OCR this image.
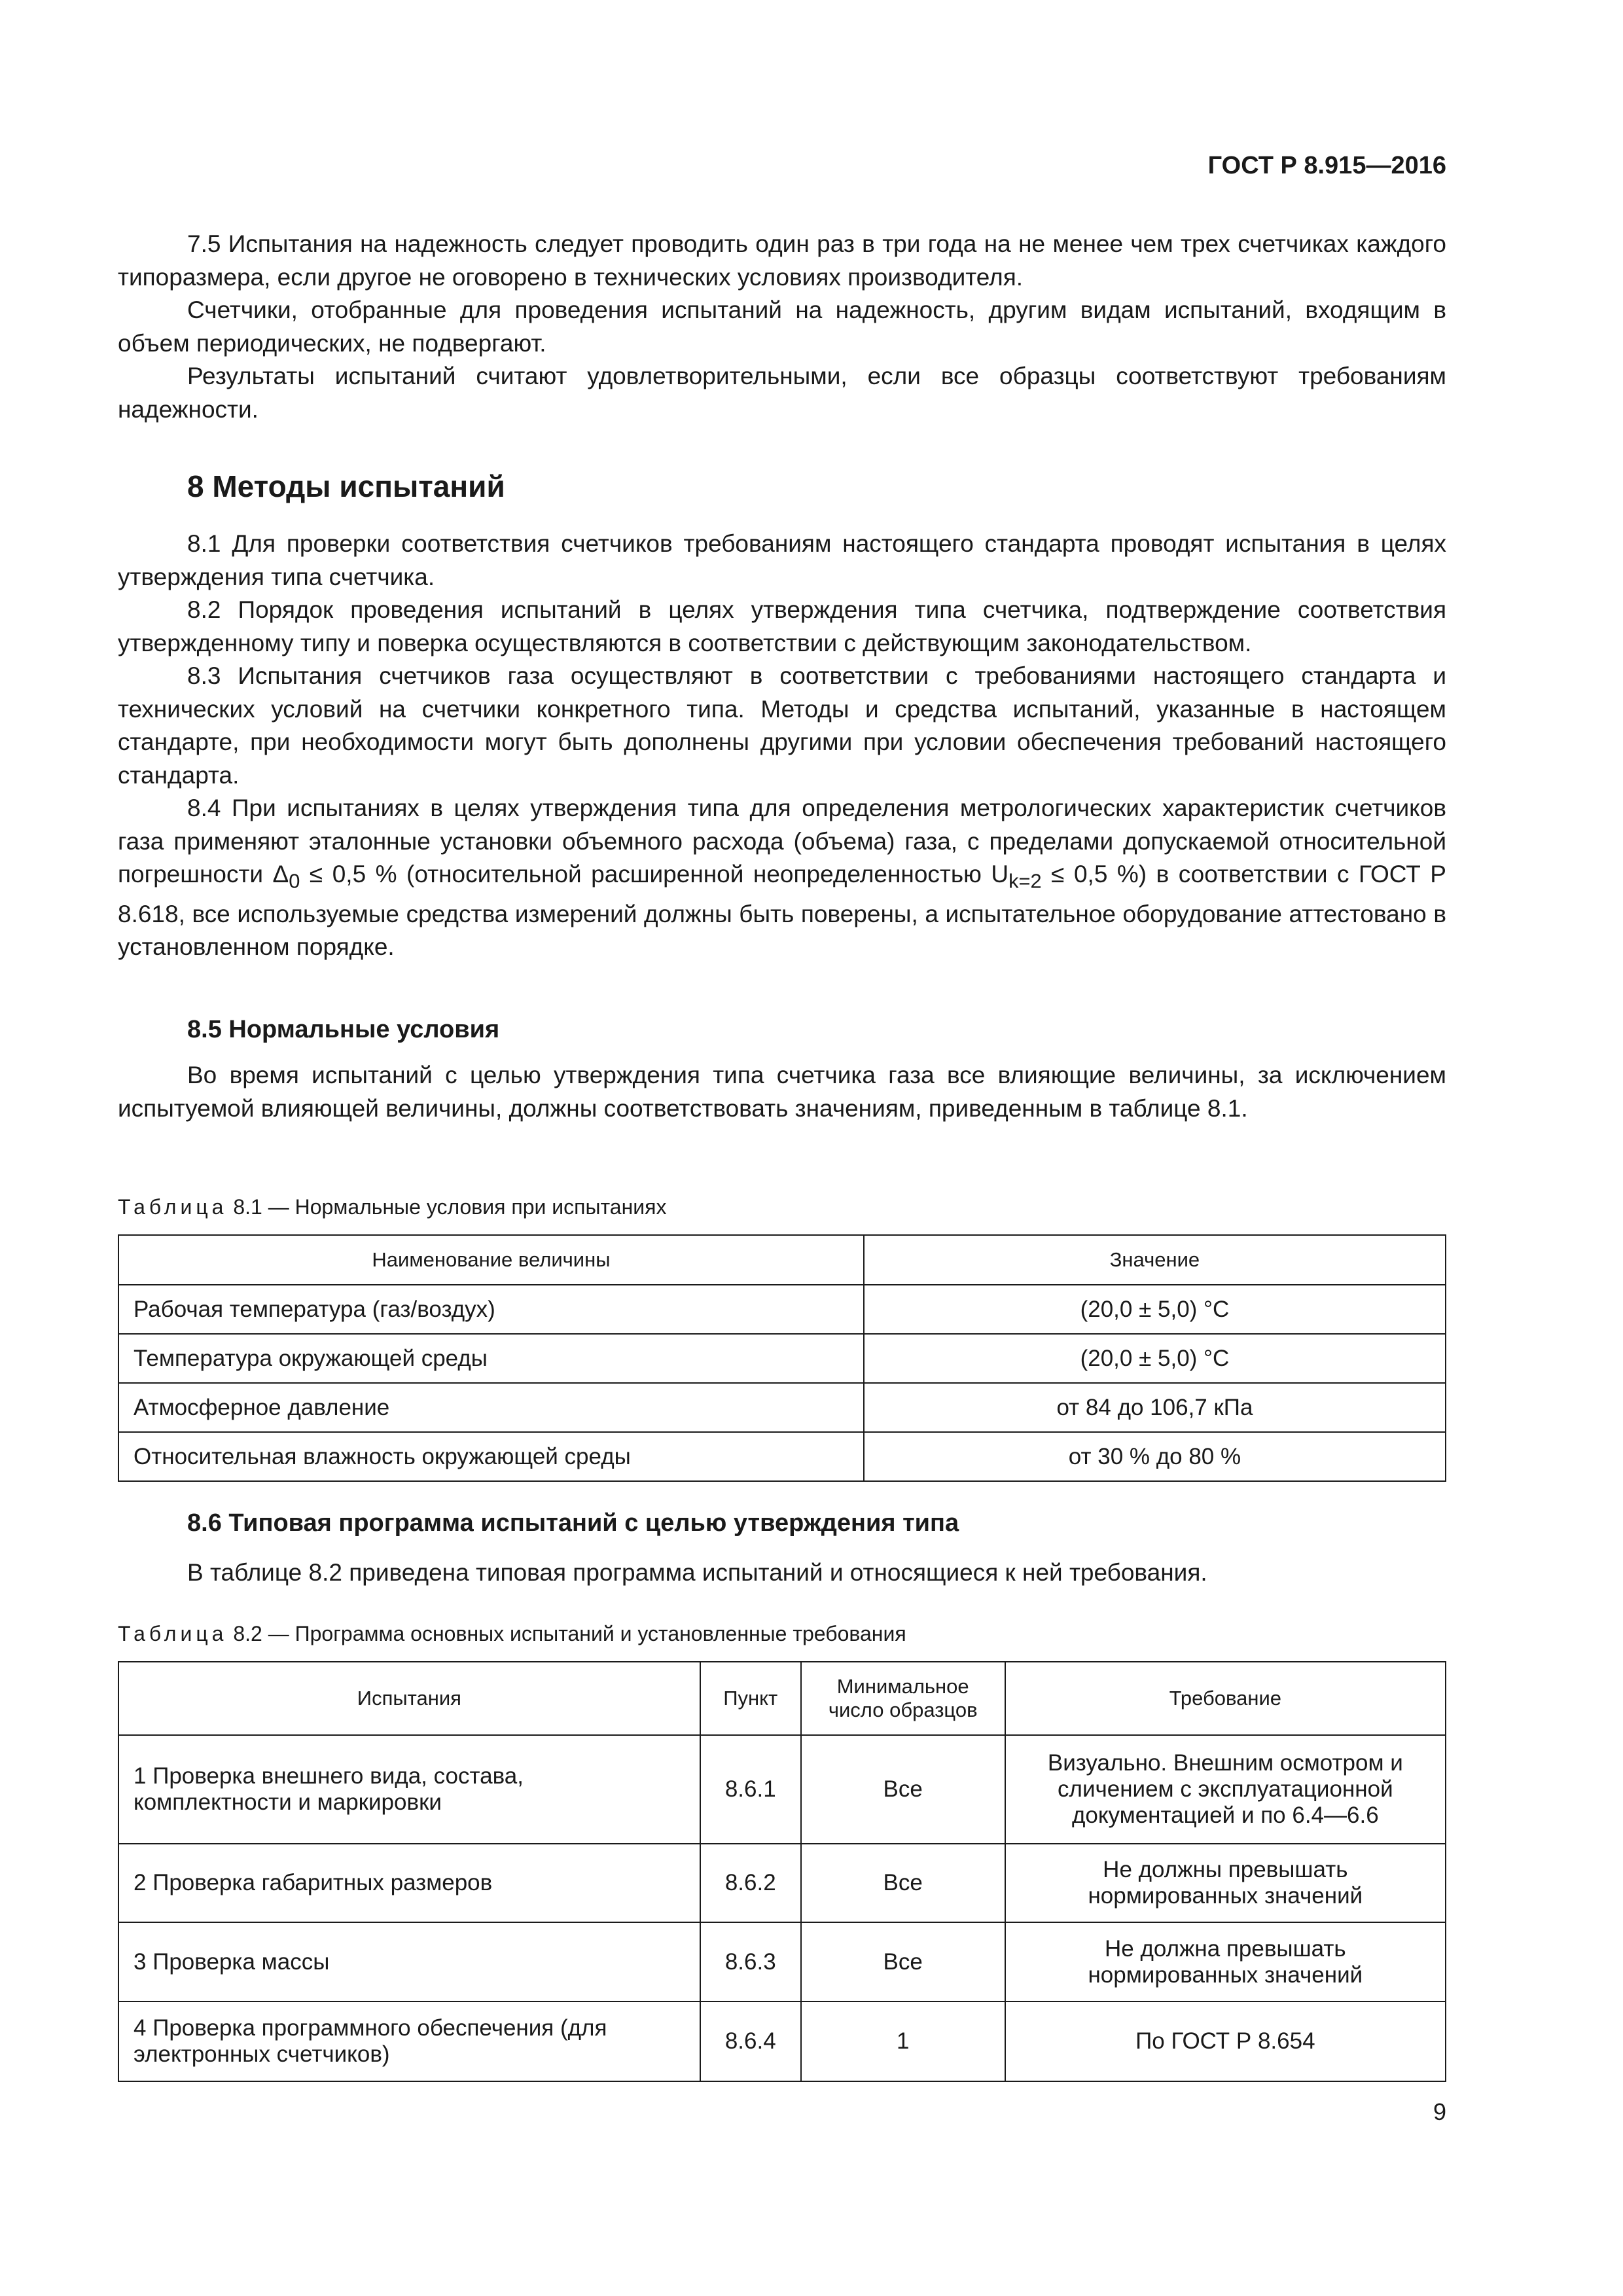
ГОСТ Р 8.915—2016

7.5 Испытания на надежность следует проводить один раз в три года на не менее чем трех счетчиках каждого типоразмера, если другое не оговорено в технических условиях производителя.

Счетчики, отобранные для проведения испытаний на надежность, другим видам испытаний, входящим в объем периодических, не подвергают.

Результаты испытаний считают удовлетворительными, если все образцы соответствуют требованиям надежности.

8 Методы испытаний

8.1 Для проверки соответствия счетчиков требованиям настоящего стандарта проводят испытания в целях утверждения типа счетчика.

8.2 Порядок проведения испытаний в целях утверждения типа счетчика, подтверждение соответствия утвержденному типу и поверка осуществляются в соответствии с действующим законодательством.

8.3 Испытания счетчиков газа осуществляют в соответствии с требованиями настоящего стандарта и технических условий на счетчики конкретного типа. Методы и средства испытаний, указанные в настоящем стандарте, при необходимости могут быть дополнены другими при условии обеспечения требований настоящего стандарта.

8.4 При испытаниях в целях утверждения типа для определения метрологических характеристик счетчиков газа применяют эталонные установки объемного расхода (объема) газа, с пределами допускаемой относительной погрешности $\Delta_0 \le 0,5$ % (относительной расширенной неопределенностью $U_{k=2} \le 0,5$ %) в соответствии с ГОСТ Р 8.618, все используемые средства измерений должны быть поверены, а испытательное оборудование аттестовано в установленном порядке.

8.5 Нормальные условия

Во время испытаний с целью утверждения типа счетчика газа все влияющие величины, за исключением испытуемой влияющей величины, должны соответствовать значениям, приведенным в таблице 8.1.

Таблица 8.1 — Нормальные условия при испытаниях
Наименование величины	Значение
Рабочая температура (газ/воздух)	(20,0 ± 5,0) °С
Температура окружающей среды	(20,0 ± 5,0) °С
Атмосферное давление	от 84 до 106,7 кПа
Относительная влажность окружающей среды	от 30 % до 80 %
8.6 Типовая программа испытаний с целью утверждения типа

В таблице 8.2 приведена типовая программа испытаний и относящиеся к ней требования.

Таблица 8.2 — Программа основных испытаний и установленные требования
Испытания	Пункт	Минимальное число образцов	Требование
1 Проверка внешнего вида, состава, комплектности и маркировки	8.6.1	Все	Визуально. Внешним осмотром и сличением с эксплуатационной документацией и по 6.4—6.6
2 Проверка габаритных размеров	8.6.2	Все	Не должны превышать нормированных значений
3 Проверка массы	8.6.3	Все	Не должна превышать нормированных значений
4 Проверка программного обеспечения (для электронных счетчиков)	8.6.4	1	По ГОСТ Р 8.654
9
